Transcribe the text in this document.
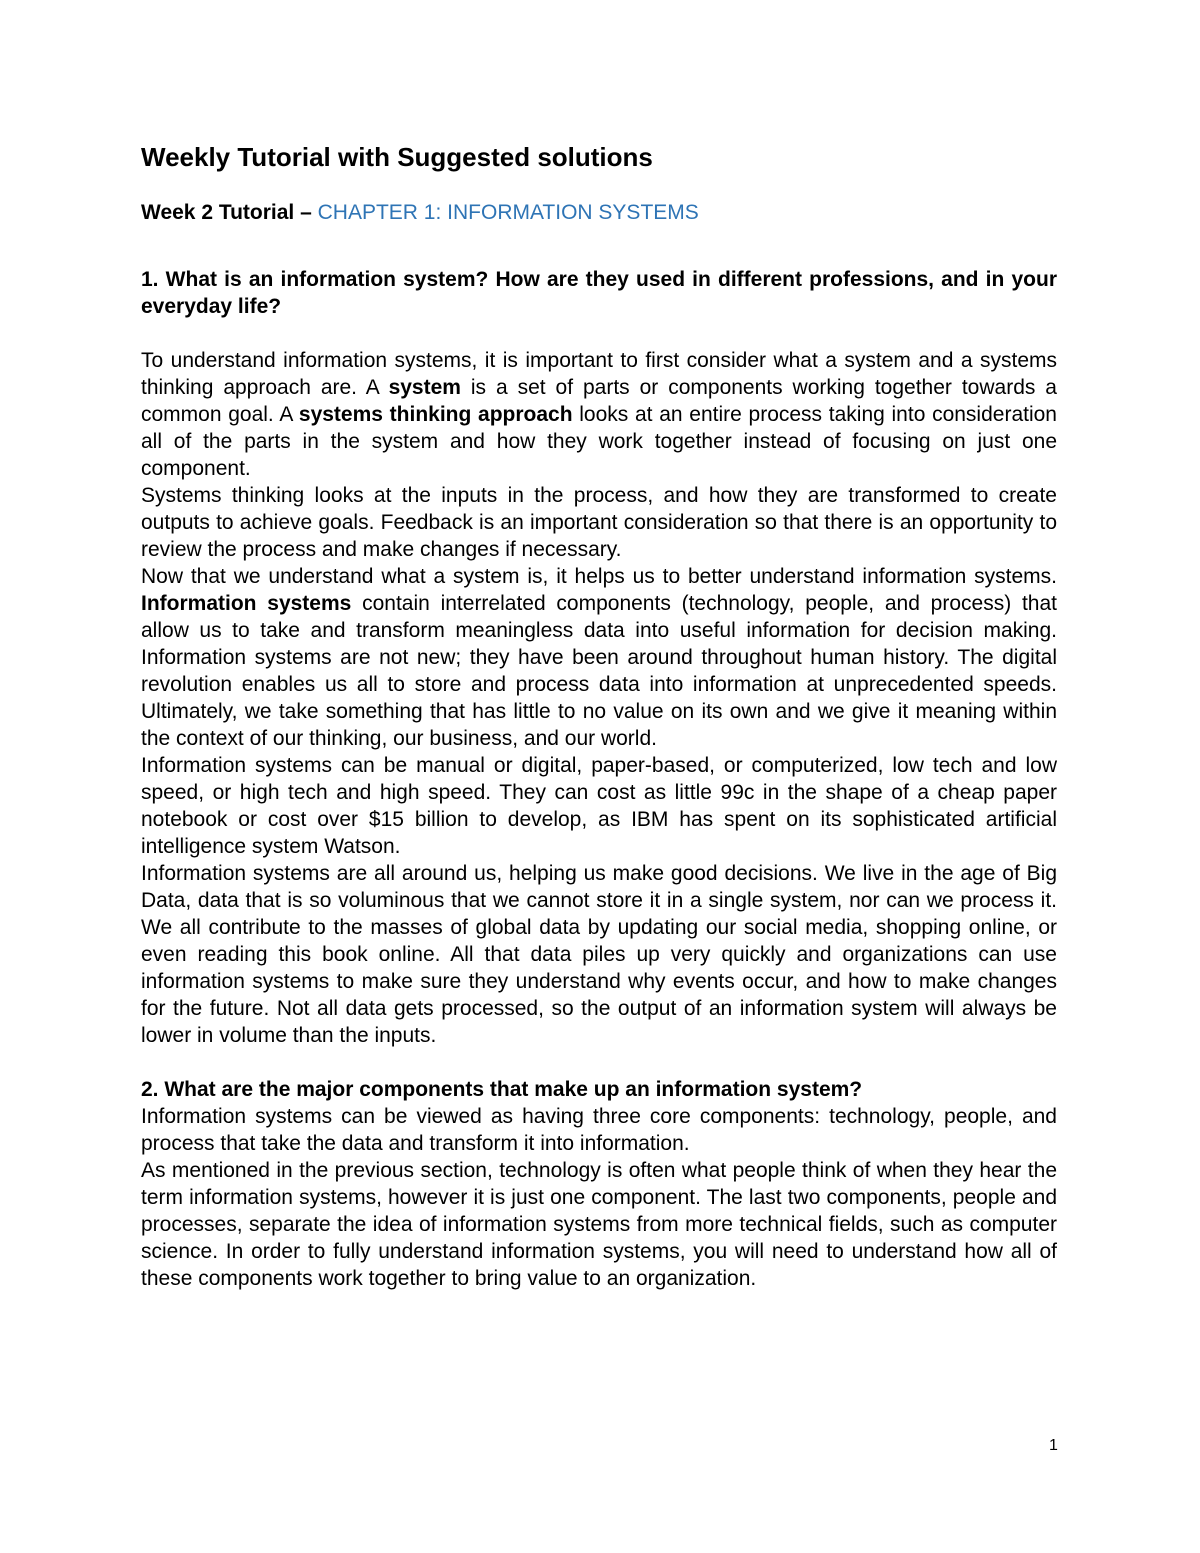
Weekly Tutorial with Suggested solutions
Week 2 Tutorial – CHAPTER 1: INFORMATION SYSTEMS

1. What is an information system? How are they used in different professions, and in your everyday life?

To understand information systems, it is important to first consider what a system and a systems thinking approach are. A system is a set of parts or components working together towards a common goal. A systems thinking approach looks at an entire process taking into consideration all of the parts in the system and how they work together instead of focusing on just one component.

Systems thinking looks at the inputs in the process, and how they are transformed to create outputs to achieve goals. Feedback is an important consideration so that there is an opportunity to review the process and make changes if necessary.

Now that we understand what a system is, it helps us to better understand information systems. Information systems contain interrelated components (technology, people, and process) that allow us to take and transform meaningless data into useful information for decision making. Information systems are not new; they have been around throughout human history. The digital revolution enables us all to store and process data into information at unprecedented speeds. Ultimately, we take something that has little to no value on its own and we give it meaning within the context of our thinking, our business, and our world.

Information systems can be manual or digital, paper-based, or computerized, low tech and low speed, or high tech and high speed. They can cost as little 99c in the shape of a cheap paper notebook or cost over $15 billion to develop, as IBM has spent on its sophisticated artificial intelligence system Watson.

Information systems are all around us, helping us make good decisions. We live in the age of Big Data, data that is so voluminous that we cannot store it in a single system, nor can we process it. We all contribute to the masses of global data by updating our social media, shopping online, or even reading this book online. All that data piles up very quickly and organizations can use information systems to make sure they understand why events occur, and how to make changes for the future. Not all data gets processed, so the output of an information system will always be lower in volume than the inputs.

2. What are the major components that make up an information system?

Information systems can be viewed as having three core components: technology, people, and process that take the data and transform it into information.

As mentioned in the previous section, technology is often what people think of when they hear the term information systems, however it is just one component. The last two components, people and processes, separate the idea of information systems from more technical fields, such as computer science. In order to fully understand information systems, you will need to understand how all of these components work together to bring value to an organization.

1
